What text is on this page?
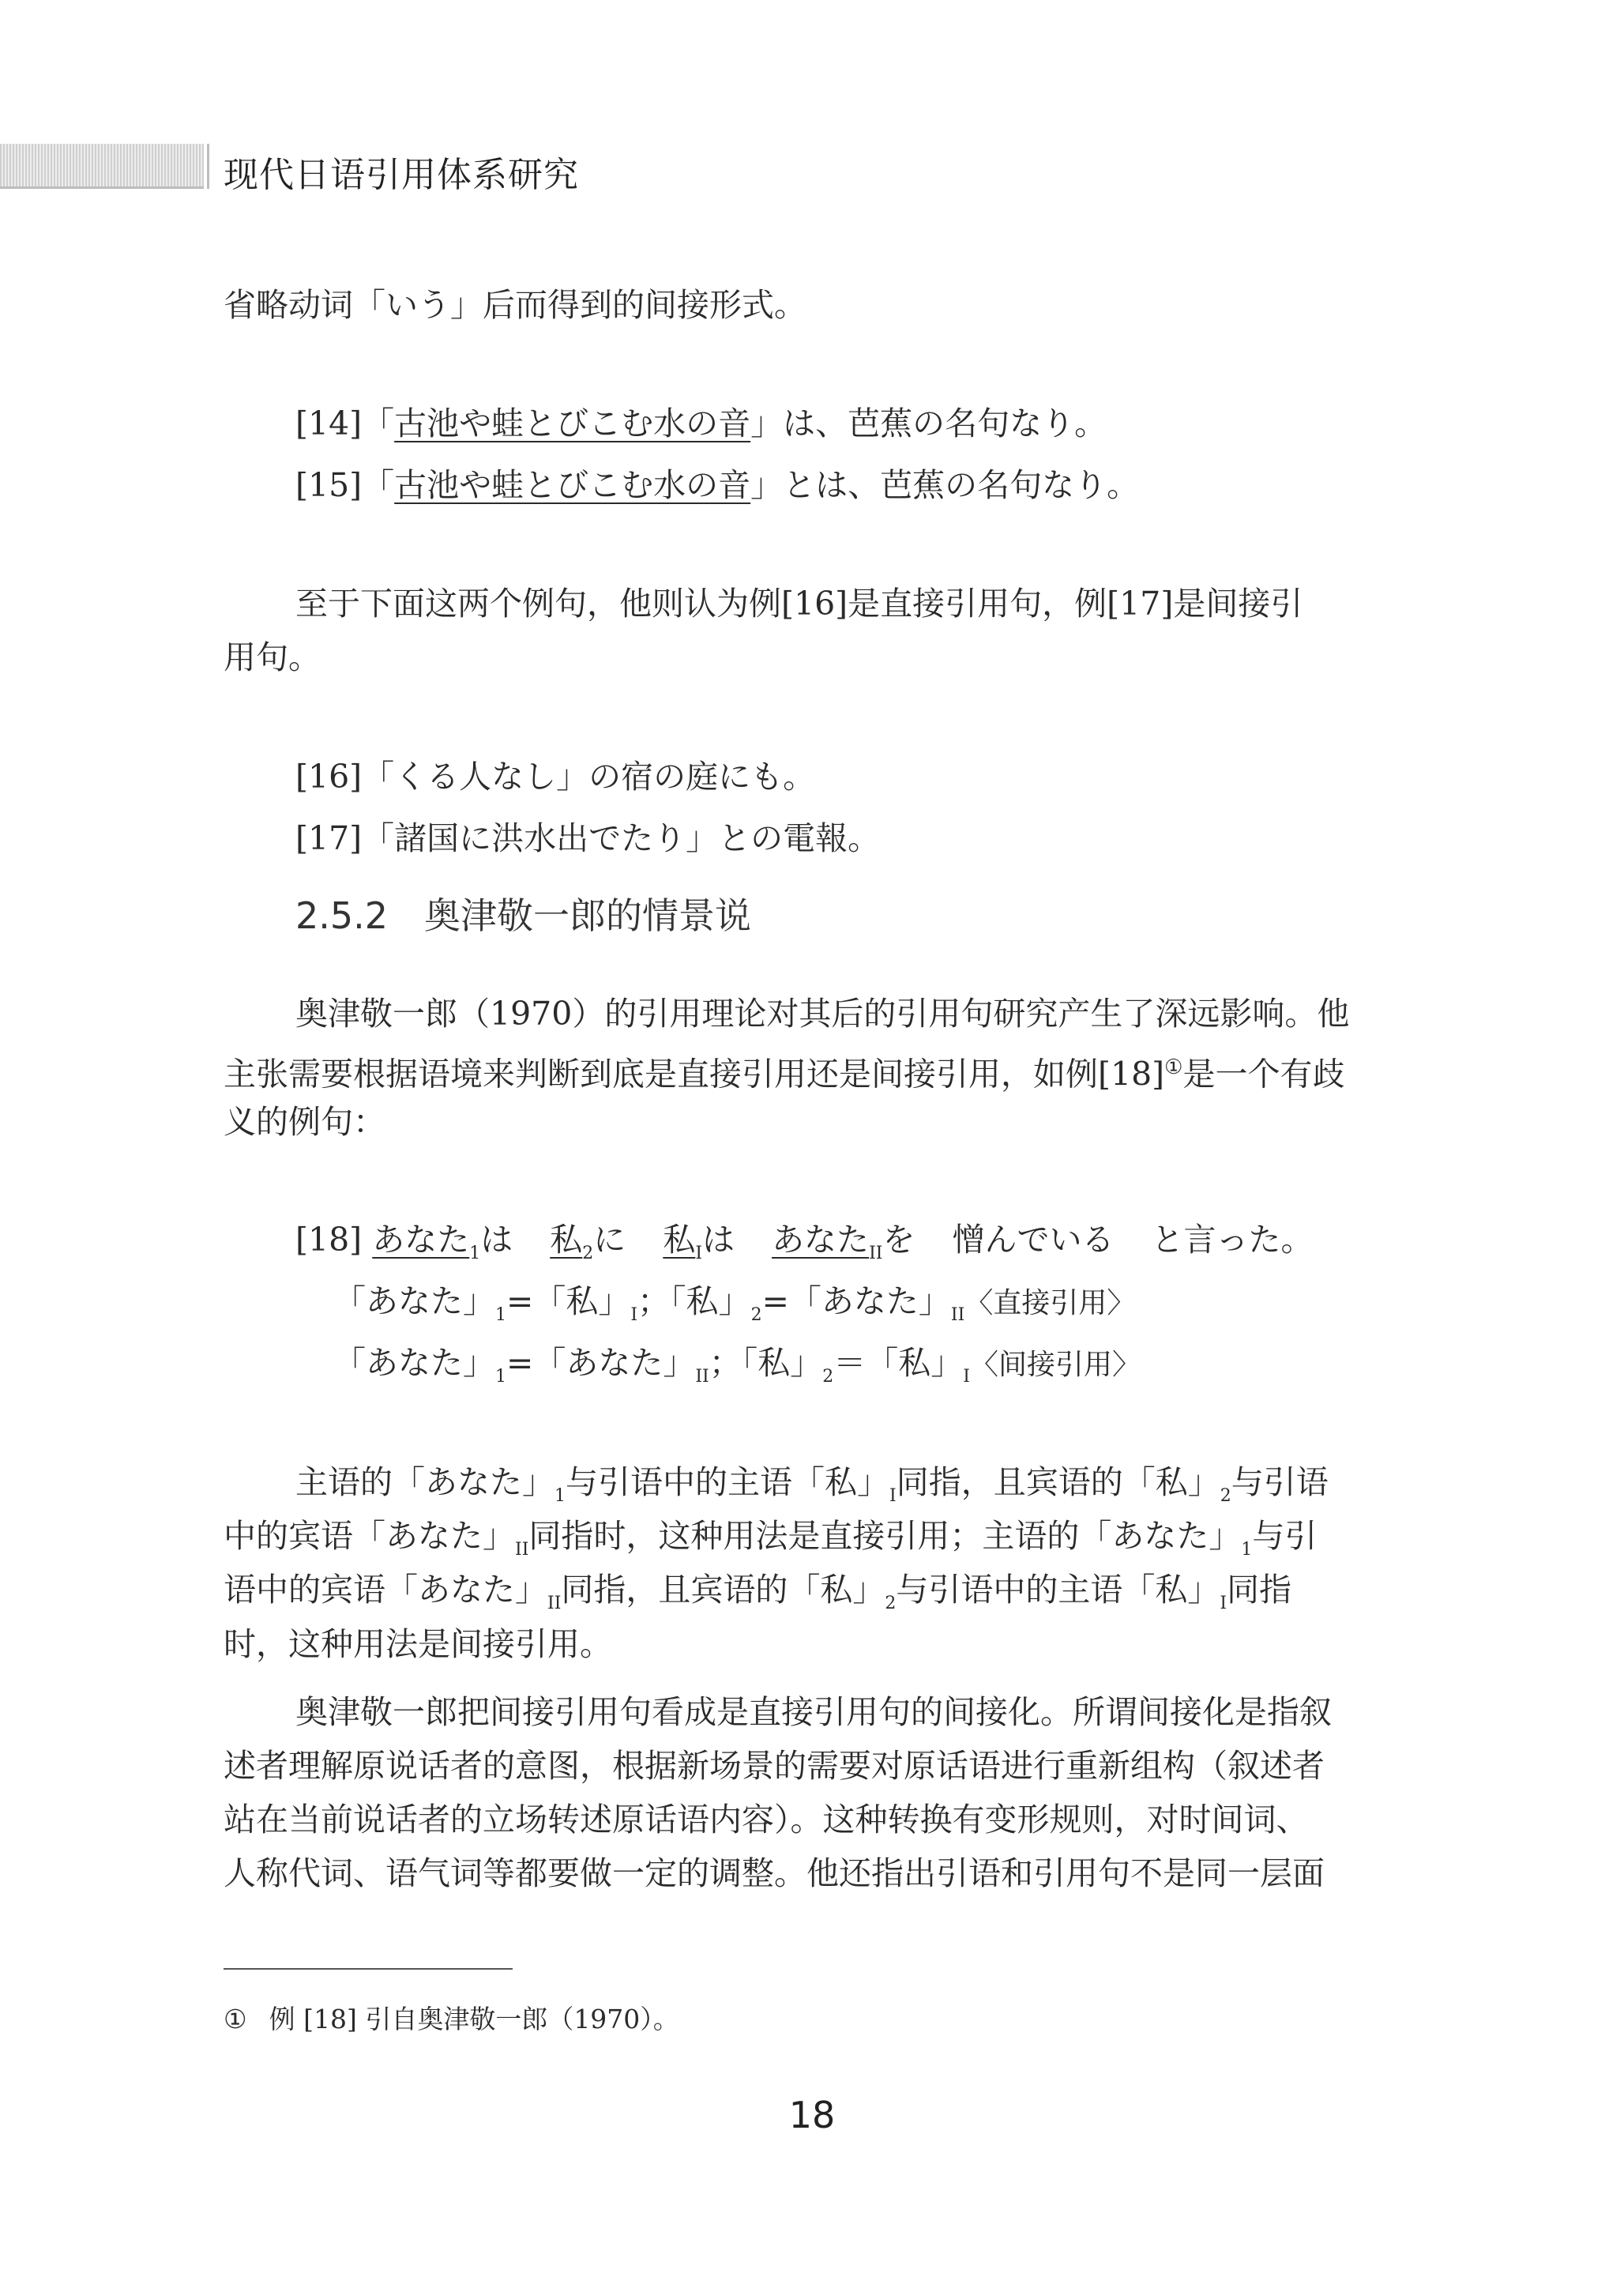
现代日语引用体系研究
省略动词「いう」后而得到的间接形式。
[14]「古池や蛙とびこむ水の音」は、芭蕉の名句なり。
[15]「古池や蛙とびこむ水の音」とは、芭蕉の名句なり。
至于下面这两个例句，他则认为例[16]是直接引用句，例[17]是间接引
用句。
[16]「くる人なし」の宿の庭にも。
[17]「諸国に洪水出でたり」との電報。
2.5.2 奥津敬一郎的情景说
奥津敬一郎（1970）的引用理论对其后的引用句研究产生了深远影响。他
主张需要根据语境来判断到底是直接引用还是间接引用，如例[18]①是一个有歧
义的例句：
[18] あなた$_1$は 私$_2$に 私$_I$は あなた$_{II}$を 憎んでいる と言った。
「あなた」$_1$=「私」$_I$；「私」$_2$=「あなた」$_{II}$〈直接引用〉
「あなた」$_1$=「あなた」$_{II}$；「私」$_2$＝「私」$_I$〈间接引用〉
主语的「あなた」$_1$与引语中的主语「私」$_I$同指，且宾语的「私」$_2$与引语
中的宾语「あなた」$_{II}$同指时，这种用法是直接引用；主语的「あなた」$_1$与引
语中的宾语「あなた」$_{II}$同指，且宾语的「私」$_2$与引语中的主语「私」$_I$同指
时，这种用法是间接引用。
奥津敬一郎把间接引用句看成是直接引用句的间接化。所谓间接化是指叙
述者理解原说话者的意图，根据新场景的需要对原话语进行重新组构（叙述者
站在当前说话者的立场转述原话语内容）。这种转换有变形规则，对时间词、
人称代词、语气词等都要做一定的调整。他还指出引语和引用句不是同一层面
① 例 [18] 引自奥津敬一郎（1970）。
18
